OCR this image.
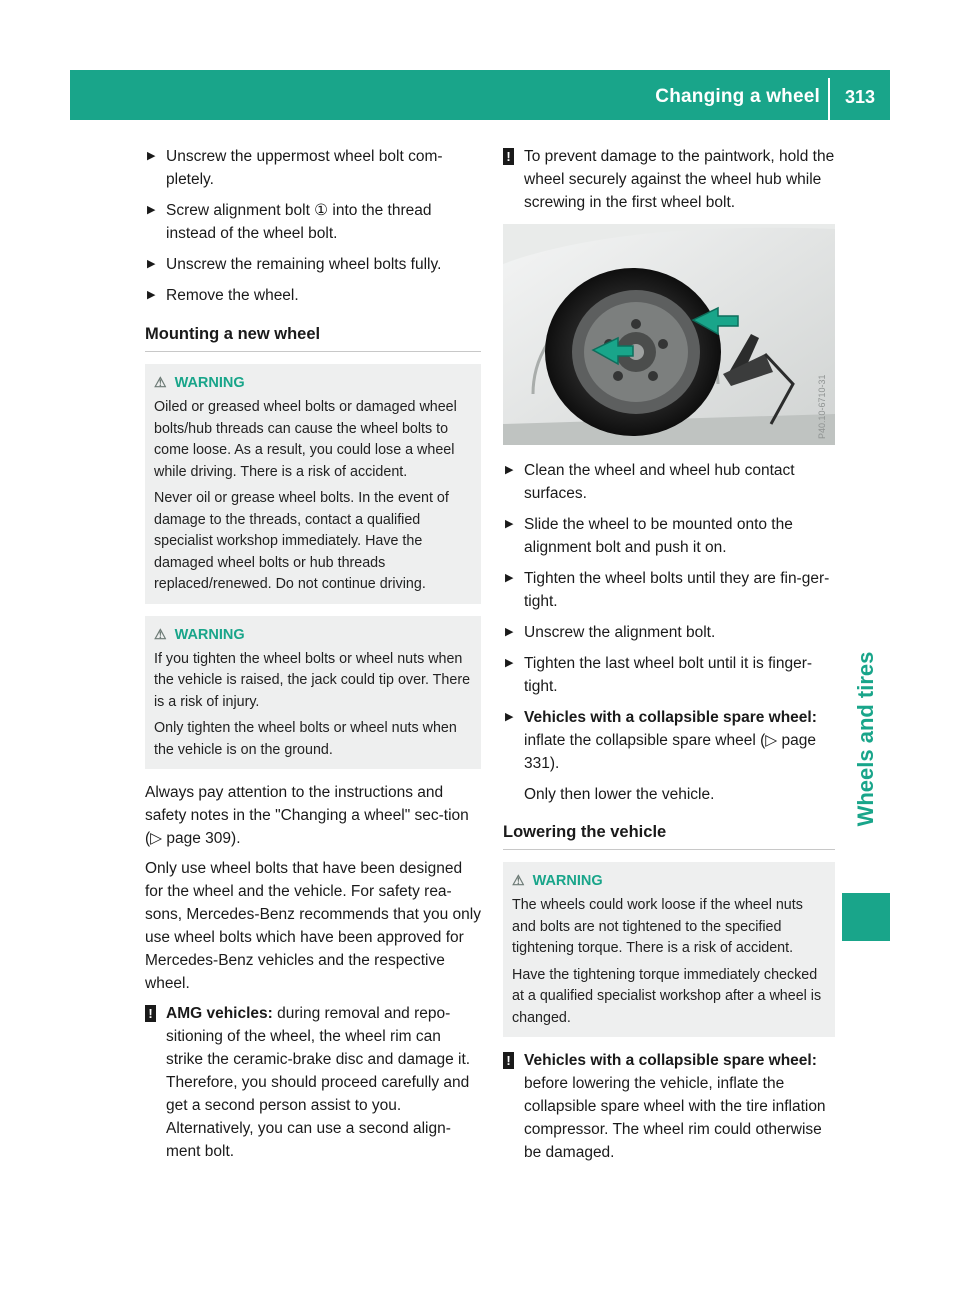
Changing a wheel	313
Wheels and tires
▶ Unscrew the uppermost wheel bolt com-pletely.
▶ Screw alignment bolt ① into the thread instead of the wheel bolt.
▶ Unscrew the remaining wheel bolts fully.
▶ Remove the wheel.
Mounting a new wheel
⚠ WARNING

Oiled or greased wheel bolts or damaged wheel bolts/hub threads can cause the wheel bolts to come loose. As a result, you could lose a wheel while driving. There is a risk of accident.

Never oil or grease wheel bolts. In the event of damage to the threads, contact a qualified specialist workshop immediately. Have the damaged wheel bolts or hub threads replaced/renewed. Do not continue driving.

⚠ WARNING

If you tighten the wheel bolts or wheel nuts when the vehicle is raised, the jack could tip over. There is a risk of injury.

Only tighten the wheel bolts or wheel nuts when the vehicle is on the ground.

Always pay attention to the instructions and safety notes in the "Changing a wheel" sec-tion (▷ page 309).

Only use wheel bolts that have been designed for the wheel and the vehicle. For safety rea-sons, Mercedes-Benz recommends that you only use wheel bolts which have been approved for Mercedes-Benz vehicles and the respective wheel.

! AMG vehicles: during removal and repo-sitioning of the wheel, the wheel rim can strike the ceramic-brake disc and damage it. Therefore, you should proceed carefully and get a second person assist to you. Alternatively, you can use a second align-ment bolt.
! To prevent damage to the paintwork, hold the wheel securely against the wheel hub while screwing in the first wheel bolt.
P40.10-6710-31
▶ Clean the wheel and wheel hub contact surfaces.
▶ Slide the wheel to be mounted onto the alignment bolt and push it on.
▶ Tighten the wheel bolts until they are fin-ger-tight.
▶ Unscrew the alignment bolt.
▶ Tighten the last wheel bolt until it is finger-tight.
▶ Vehicles with a collapsible spare wheel: inflate the collapsible spare wheel (▷ page 331).

Only then lower the vehicle.

Lowering the vehicle
⚠ WARNING

The wheels could work loose if the wheel nuts and bolts are not tightened to the specified tightening torque. There is a risk of accident.

Have the tightening torque immediately checked at a qualified specialist workshop after a wheel is changed.

! Vehicles with a collapsible spare wheel: before lowering the vehicle, inflate the collapsible spare wheel with the tire inflation compressor. The wheel rim could otherwise be damaged.
